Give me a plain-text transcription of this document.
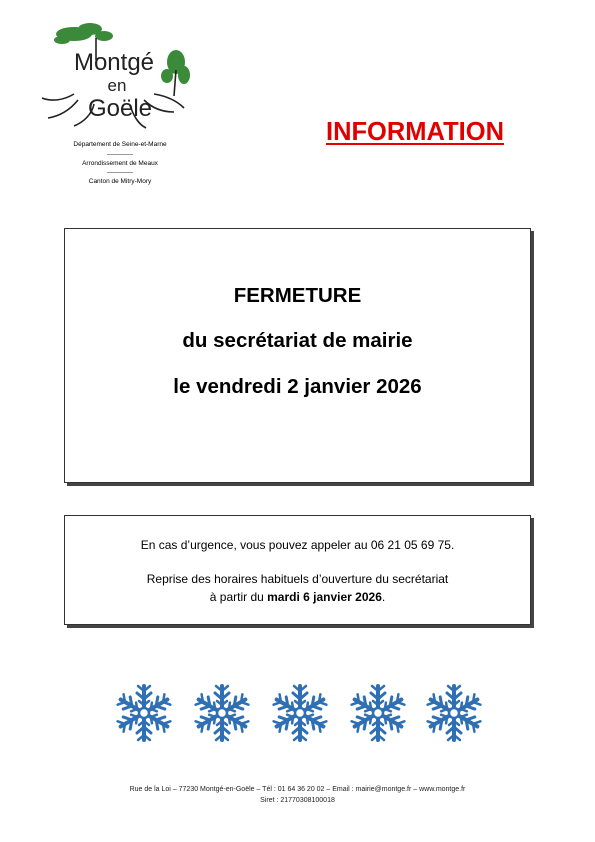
Montgé
en
Goële
Département de Seine-et-Marne
Arrondissement de Meaux
Canton de Mitry-Mory
INFORMATION
FERMETURE
du secrétariat de mairie
le vendredi 2 janvier 2026
En cas d’urgence, vous pouvez appeler au 06 21 05 69 75.
Reprise des horaires habituels d’ouverture du secrétariat
à partir du mardi 6 janvier 2026.
Rue de la Loi – 77230 Montgé-en-Goële – Tél : 01 64 36 20 02 – Email : mairie@montge.fr – www.montge.fr
Siret : 21770308100018
